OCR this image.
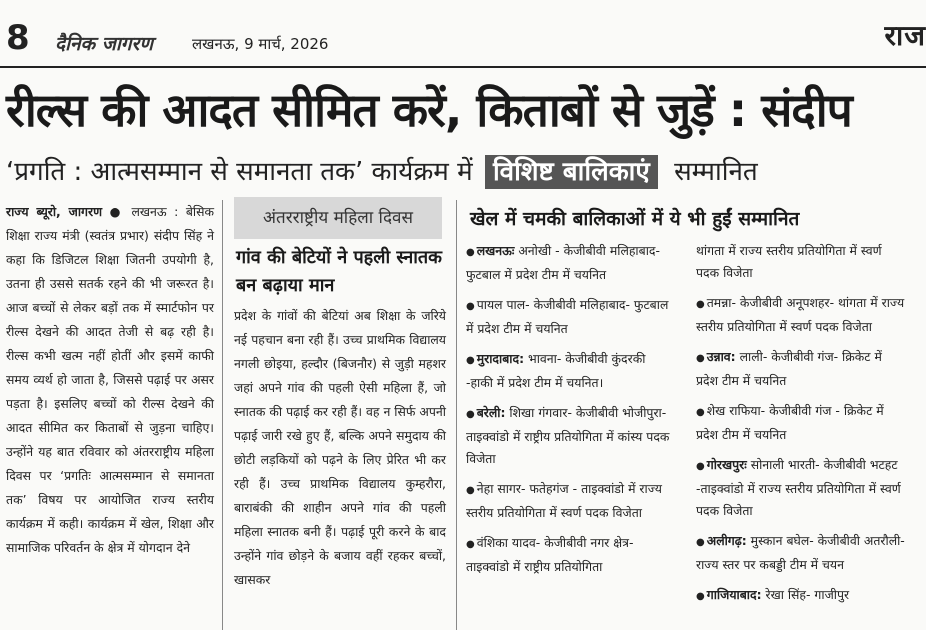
8 दैनिक जागरण	लखनऊ, 9 मार्च, 2026	राज
रील्स की आदत सीमित करें, किताबों से जुड़ें : संदीप
‘प्रगति : आत्मसम्मान से समानता तक’ कार्यक्रम में विशिष्ट बालिकाएं सम्मानित
राज्य ब्यूरो, जागरण ● लखनऊ : बेसिक शिक्षा राज्य मंत्री (स्वतंत्र प्रभार) संदीप सिंह ने कहा कि डिजिटल शिक्षा जितनी उपयोगी है, उतना ही उससे सतर्क रहने की भी जरूरत है। आज बच्चों से लेकर बड़ों तक में स्मार्टफोन पर रील्स देखने की आदत तेजी से बढ़ रही है। रील्स कभी खत्म नहीं होतीं और इसमें काफी समय व्यर्थ हो जाता है, जिससे पढ़ाई पर असर पड़ता है। इसलिए बच्चों को रील्स देखने की आदत सीमित कर किताबों से जुड़ना चाहिए। उन्होंने यह बात रविवार को अंतरराष्ट्रीय महिला दिवस पर ‘प्रगतिः आत्मसम्मान से समानता तक’ विषय पर आयोजित राज्य स्तरीय कार्यक्रम में कही। कार्यक्रम में खेल, शिक्षा और सामाजिक परिवर्तन के क्षेत्र में योगदान देने
अंतरराष्ट्रीय महिला दिवस
गांव की बेटियों ने पहली स्नातक बन बढ़ाया मान
प्रदेश के गांवों की बेटियां अब शिक्षा के जरिये नई पहचान बना रही हैं। उच्च प्राथमिक विद्यालय नगली छोइया, हल्दौर (बिजनौर) से जुड़ी महशर जहां अपने गांव की पहली ऐसी महिला हैं, जो स्नातक की पढ़ाई कर रही हैं। वह न सिर्फ अपनी पढ़ाई जारी रखे हुए हैं, बल्कि अपने समुदाय की छोटी लड़कियों को पढ़ने के लिए प्रेरित भी कर रही हैं। उच्च प्राथमिक विद्यालय कुम्हरौरा, बाराबंकी की शाहीन अपने गांव की पहली महिला स्नातक बनी हैं। पढ़ाई पूरी करने के बाद उन्होंने गांव छोड़ने के बजाय वहीं रहकर बच्चों, खासकर
खेल में चमकी बालिकाओं में ये भी हुईं सम्मानित
● लखनऊः अनोखी - केजीबीवी मलिहाबाद- फुटबाल में प्रदेश टीम में चयनित
● पायल पाल- केजीबीवी मलिहाबाद- फुटबाल में प्रदेश टीम में चयनित
● मुरादाबाद: भावना- केजीबीवी कुंदरकी -हाकी में प्रदेश टीम में चयनित।
● बरेली: शिखा गंगवार- केजीबीवी भोजीपुरा- ताइक्वांडो में राष्ट्रीय प्रतियोगिता में कांस्य पदक विजेता
● नेहा सागर- फतेहगंज - ताइक्वांडो में राज्य स्तरीय प्रतियोगिता में स्वर्ण पदक विजेता
● वंशिका यादव- केजीबीवी नगर क्षेत्र- ताइक्वांडो में राष्ट्रीय प्रतियोगिता
थांगता में राज्य स्तरीय प्रतियोगिता में स्वर्ण पदक विजेता
● तमन्ना- केजीबीवी अनूपशहर- थांगता में राज्य स्तरीय प्रतियोगिता में स्वर्ण पदक विजेता
● उन्नाव: लाली- केजीबीवी गंज- क्रिकेट में प्रदेश टीम में चयनित
● शेख राफिया- केजीबीवी गंज - क्रिकेट में प्रदेश टीम में चयनित
● गोरखपुरः सोनाली भारती- केजीबीवी भटहट -ताइक्वांडो में राज्य स्तरीय प्रतियोगिता में स्वर्ण पदक विजेता
● अलीगढ़: मुस्कान बघेल- केजीबीवी अतरौली- राज्य स्तर पर कबड्डी टीम में चयन
● गाजियाबाद: रेखा सिंह- गाजीपुर
